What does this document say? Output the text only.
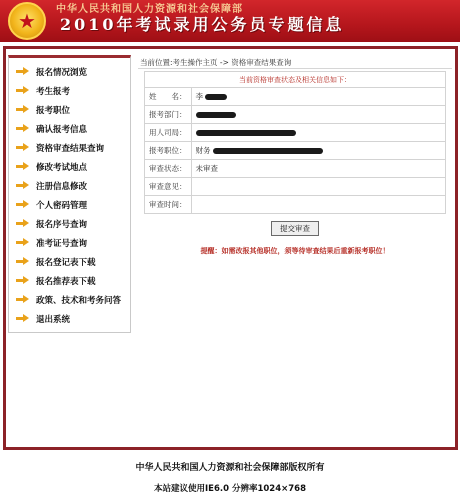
★
中华人民共和国人力资源和社会保障部
2010年考试录用公务员专题信息
报名情况浏览
考生报考
报考职位
确认报考信息
资格审查结果查询
修改考试地点
注册信息修改
个人密码管理
报名序号查询
准考证号查询
报名登记表下载
报名推荐表下载
政策、技术和考务问答
退出系统
当前位置:考生操作主页 -> 资格审查结果查询
当前资格审查状态及相关信息如下：	
姓　　名：	李
报考部门：	
用人司局：	
报考职位：	财务
审查状态：	未审查
审查意见：	
审查时间：	
提交审查
提醒：如需改报其他职位，须等待审查结果后重新报考职位！
中华人民共和国人力资源和社会保障部版权所有
本站建议使用IE6.0 分辨率1024×768
